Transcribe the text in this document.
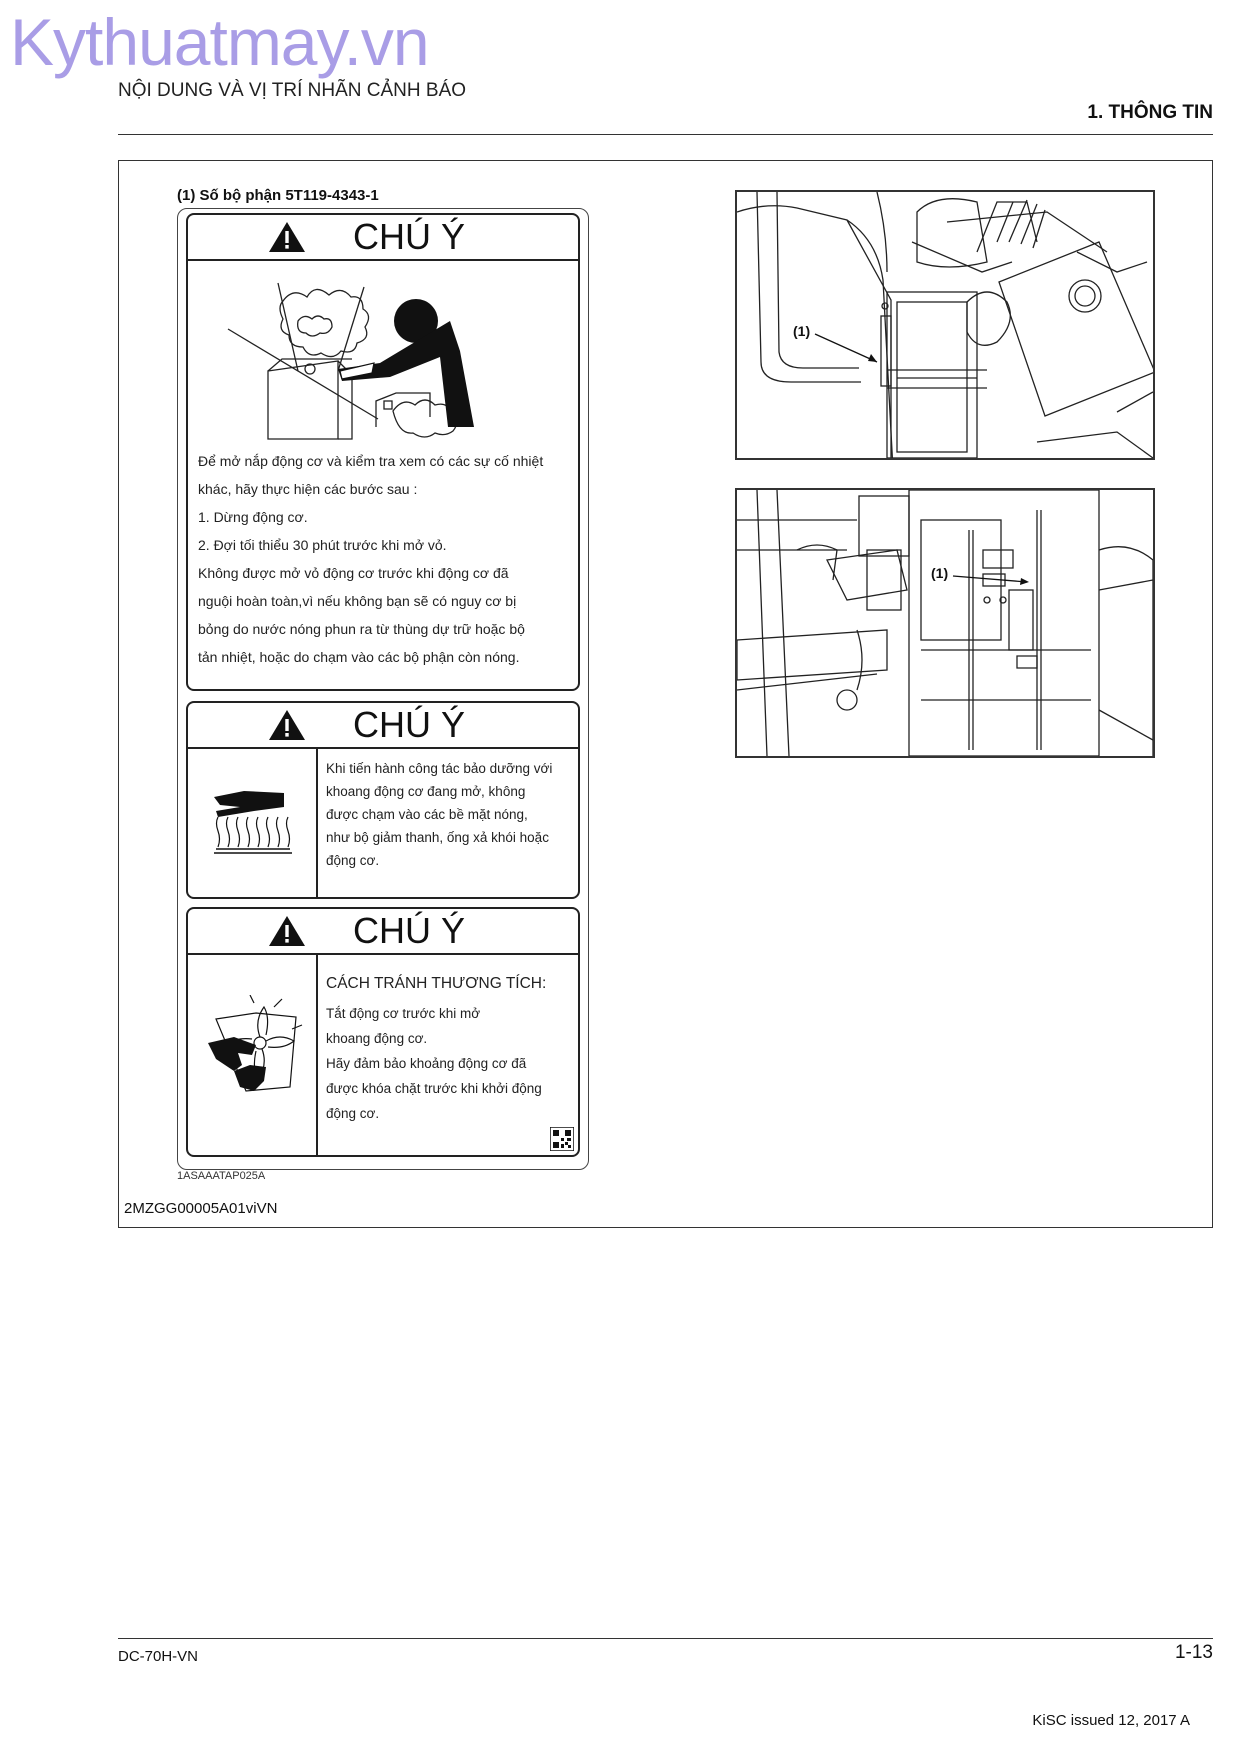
Kythuatmay.vn
NỘI DUNG VÀ VỊ TRÍ NHÃN CẢNH BÁO
1. THÔNG TIN
(1) Số bộ phận 5T119-4343-1
CHÚ Ý
Để mở nắp động cơ và kiểm tra xem có các sự cố nhiệt
khác, hãy thực hiện các bước sau :
1. Dừng động cơ.
2. Đợi tối thiểu 30 phút trước khi mở vỏ.
Không được mở vỏ động cơ trước khi động cơ đã
nguội hoàn toàn,vì nếu không bạn sẽ có nguy cơ bị
bỏng do nước nóng phun ra từ thùng dự trữ hoặc bộ
tản nhiệt, hoặc do chạm vào các bộ phận còn nóng.
CHÚ Ý
Khi tiến hành công tác bảo dưỡng với
khoang động cơ đang mở, không
được chạm vào các bề mặt nóng,
như bộ giảm thanh, ống xả khói hoặc
động cơ.
CHÚ Ý
CÁCH TRÁNH THƯƠNG TÍCH:
Tắt động cơ trước khi mở
khoang động cơ.
Hãy đảm bảo khoảng động cơ đã
được khóa chặt trước khi khởi động
động cơ.
1ASAAATAP025A
2MZGG00005A01viVN
(1)
(1)
DC-70H-VN	1-13
KiSC issued 12, 2017 A
